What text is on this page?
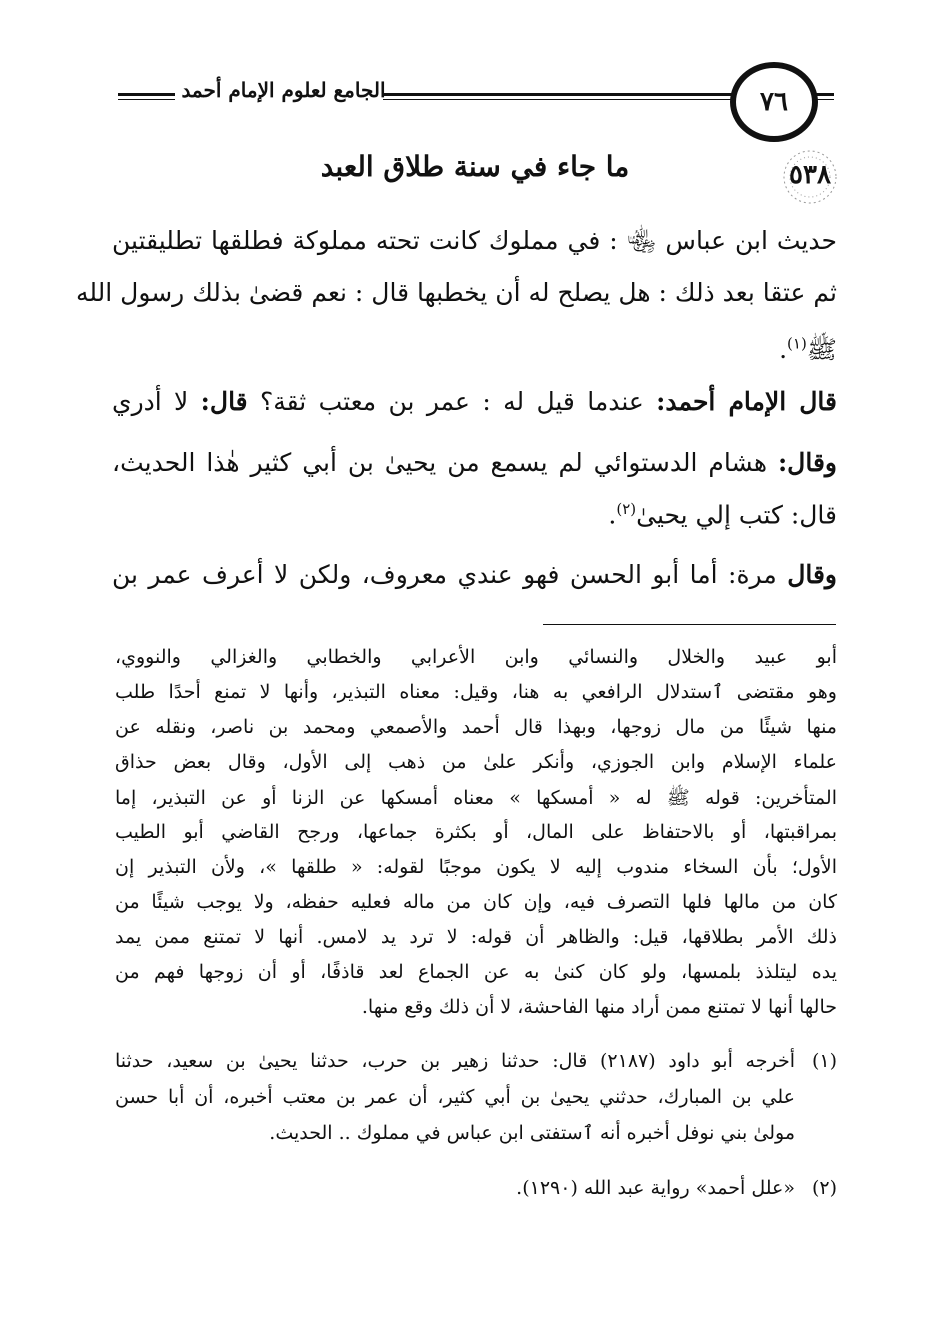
الجامع لعلوم الإمام أحمد	٧٦
٥٣٨
ما جاء في سنة طلاق العبد
حديث ابن عباس ﵄ : في مملوك كانت تحته مملوكة فطلقها تطليقتين
ثم عتقا بعد ذلك : هل يصلح له أن يخطبها قال : نعم قضىٰ بذلك رسول الله
ﷺ$^{(١)}$.
قال الإمام أحمد: عندما قيل له : عمر بن معتب ثقة؟ قال: لا أدري
وقال: هشام الدستوائي لم يسمع من يحيىٰ بن أبي كثير هٰذا الحديث،
قال: كتب إلي يحيىٰ$^{(٢)}$.
وقال مرة: أما أبو الحسن فهو عندي معروف، ولكن لا أعرف عمر بن
أبو عبيد والخلال والنسائي وابن الأعرابي والخطابي والغزالي والنووي،
وهو مقتضى ٱستدلال الرافعي به هنا، وقيل: معناه التبذير، وأنها لا تمنع أحدًا طلب
منها شيئًا من مال زوجها، وبهذا قال أحمد والأصمعي ومحمد بن ناصر، ونقله عن
علماء الإسلام وابن الجوزي، وأنكر علىٰ من ذهب إلى الأول، وقال بعض حذاق
المتأخرين: قوله ﷺ له « أمسكها » معناه أمسكها عن الزنا أو عن التبذير، إما
بمراقبتها، أو بالاحتفاظ على المال، أو بكثرة جماعها، ورجح القاضي أبو الطيب
الأول؛ بأن السخاء مندوب إليه لا يكون موجبًا لقوله: « طلقها »، ولأن التبذير إن
كان من مالها فلها التصرف فيه، وإن كان من ماله فعليه حفظه، ولا يوجب شيئًا من
ذلك الأمر بطلاقها، قيل: والظاهر أن قوله: لا ترد يد لامس. أنها لا تمتنع ممن يمد
يده ليتلذذ بلمسها، ولو كان كنىٰ به عن الجماع لعد قاذفًا، أو أن زوجها فهم من
حالها أنها لا تمتنع ممن أراد منها الفاحشة، لا أن ذلك وقع منها.
(١)
أخرجه أبو داود (٢١٨٧) قال: حدثنا زهير بن حرب، حدثنا يحيىٰ بن سعيد، حدثنا
علي بن المبارك، حدثني يحيىٰ بن أبي كثير، أن عمر بن معتب أخبره، أن أبا حسن
مولىٰ بني نوفل أخبره أنه ٱستفتى ابن عباس في مملوك .. الحديث.
(٢)
«علل أحمد» رواية عبد الله (١٢٩٠).
